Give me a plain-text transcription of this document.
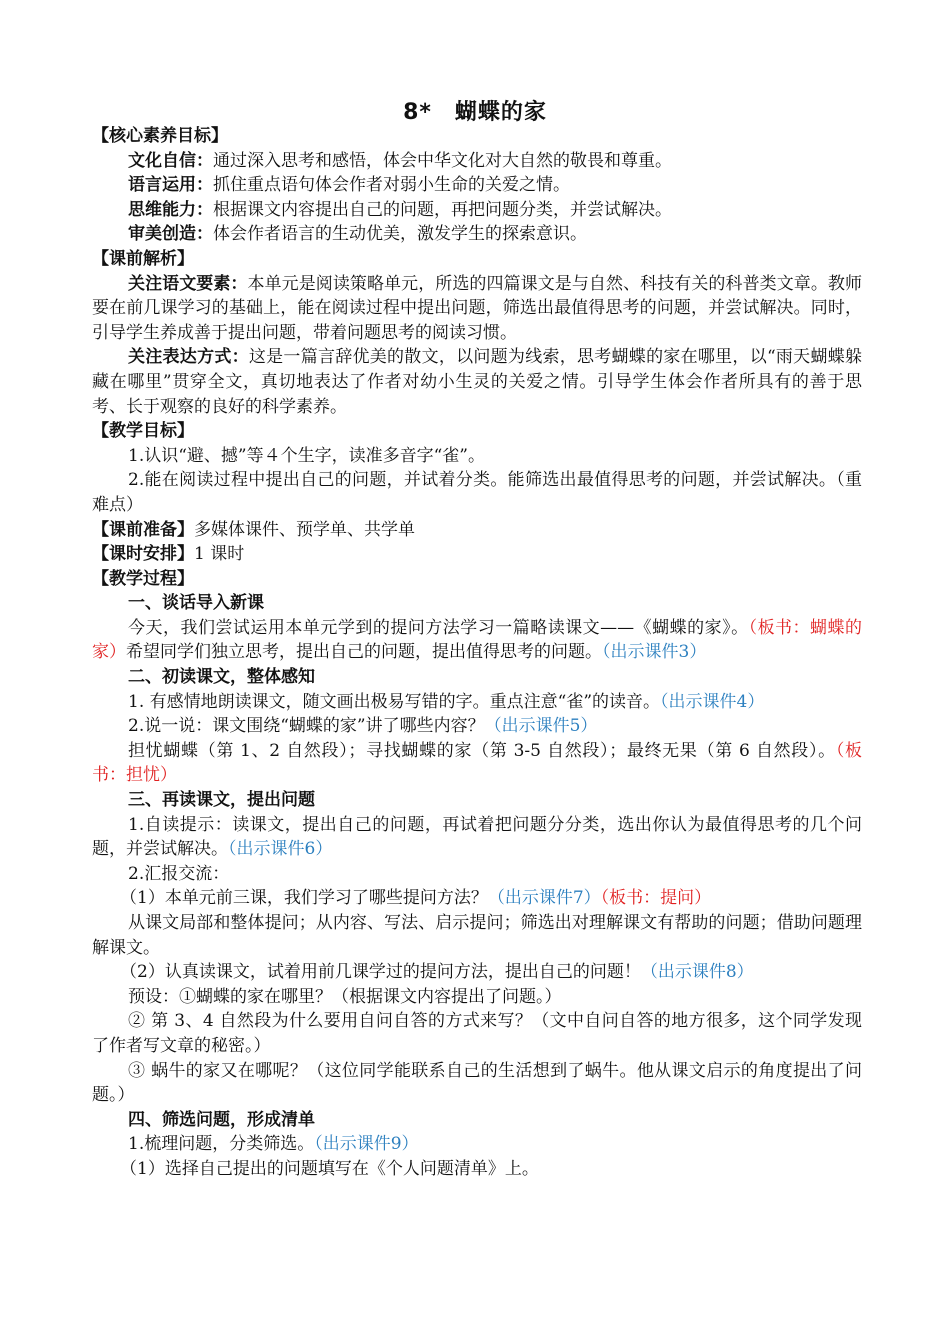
8*　蝴蝶的家
【核心素养目标】
文化自信：通过深入思考和感悟，体会中华文化对大自然的敬畏和尊重。
语言运用：抓住重点语句体会作者对弱小生命的关爱之情。
思维能力：根据课文内容提出自己的问题，再把问题分类，并尝试解决。
审美创造：体会作者语言的生动优美，激发学生的探索意识。
【课前解析】
关注语文要素：本单元是阅读策略单元，所选的四篇课文是与自然、科技有关的科普类文章。教师要在前几课学习的基础上，能在阅读过程中提出问题，筛选出最值得思考的问题，并尝试解决。同时，引导学生养成善于提出问题，带着问题思考的阅读习惯。
关注表达方式：这是一篇言辞优美的散文，以问题为线索，思考蝴蝶的家在哪里，以“雨天蝴蝶躲藏在哪里”贯穿全文，真切地表达了作者对幼小生灵的关爱之情。引导学生体会作者所具有的善于思考、长于观察的良好的科学素养。
【教学目标】
1.认识“避、撼”等４个生字，读准多音字“雀”。
2.能在阅读过程中提出自己的问题，并试着分类。能筛选出最值得思考的问题，并尝试解决。（重难点）
【课前准备】多媒体课件、预学单、共学单
【课时安排】1 课时
【教学过程】
一、谈话导入新课
今天，我们尝试运用本单元学到的提问方法学习一篇略读课文——《蝴蝶的家》。（板书：蝴蝶的家）希望同学们独立思考，提出自己的问题，提出值得思考的问题。（出示课件3）
二、初读课文，整体感知
1. 有感情地朗读课文，随文画出极易写错的字。重点注意“雀”的读音。（出示课件4）
2.说一说：课文围绕“蝴蝶的家”讲了哪些内容？（出示课件5）
担忧蝴蝶（第 1、2 自然段）；寻找蝴蝶的家（第 3-5 自然段）；最终无果（第 6 自然段）。（板书：担忧）
三、再读课文，提出问题
1.自读提示：读课文，提出自己的问题，再试着把问题分分类，选出你认为最值得思考的几个问题，并尝试解决。（出示课件6）
2.汇报交流：
（1）本单元前三课，我们学习了哪些提问方法？（出示课件7）（板书：提问）
从课文局部和整体提问；从内容、写法、启示提问；筛选出对理解课文有帮助的问题；借助问题理解课文。
（2）认真读课文，试着用前几课学过的提问方法，提出自己的问题！（出示课件8）
预设：①蝴蝶的家在哪里？（根据课文内容提出了问题。）
② 第 3、4 自然段为什么要用自问自答的方式来写？（文中自问自答的地方很多，这个同学发现了作者写文章的秘密。）
③ 蜗牛的家又在哪呢？（这位同学能联系自己的生活想到了蜗牛。他从课文启示的角度提出了问题。）
四、筛选问题，形成清单
1.梳理问题，分类筛选。（出示课件9）
（1）选择自己提出的问题填写在《个人问题清单》上。
